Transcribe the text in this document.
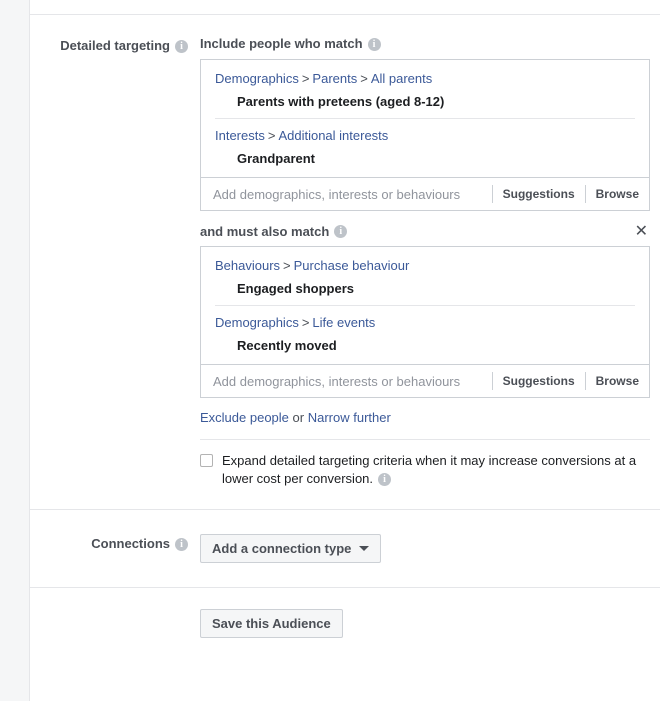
Detailed targeting i	Include people who match i
Demographics > Parents > All parents
Parents with preteens (aged 8-12)
Interests > Additional interests
Grandparent
Add demographics, interests or behaviours
Suggestions	Browse
and must also match	i	✕
Behaviours > Purchase behaviour
Engaged shoppers
Demographics > Life events
Recently moved
Add demographics, interests or behaviours
Suggestions	Browse
Exclude people or Narrow further
Expand detailed targeting criteria when it may increase conversions at a lower cost per conversion. i
Connections i	Add a connection type
Save this Audience
